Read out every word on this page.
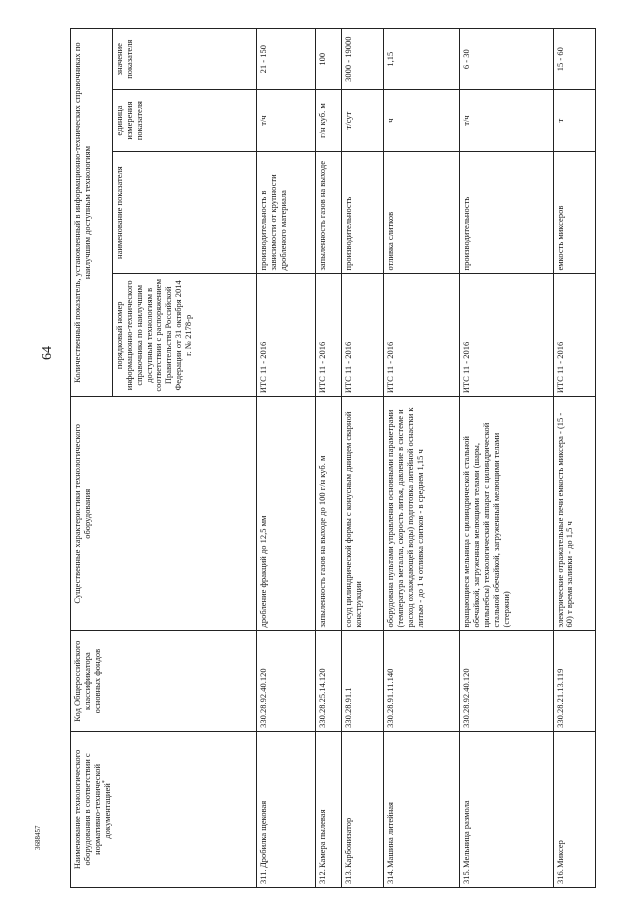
64
3688457	Наименование технологического оборудования в соответствии с нормативно-технической документацией*	Код Общероссийского классификатора основных фондов	Существенные характеристики технологического оборудования	Количественный показатель, установленный в информационно-технических справочниках по наилучшим доступным технологиям			
			порядковый номер информационно-технического справочника по наилучшим доступным технологиям в соответствии с распоряжением Правительства Российской Федерации от 31 октября 2014 г. № 2178-р	наименование показателя	единица измерения показателя	значение показателя
311.Дробилка щековая	330.28.92.40.120	дробление фракций до 12,5 мм	ИТС 11 - 2016	производительность в зависимости от крупности дробленого материала	т/ч	21 - 150
312.Камера пылевая	330.28.25.14.120	запыленность газов на выходе до 100 г/н куб. м	ИТС 11 - 2016	запыленность газов на выходе	г/н куб. м	100
313.Карбонизатор	330.28.91.1	сосуд цилиндрической формы с конусным днищем сварной конструкции	ИТС 11 - 2016	производительность	т/сут	3000 - 19000
314.Машина литейная	330.28.91.11.140	оборудована пультами управления основными параметрами (температура металла, скорость литья, давление в системе и расход охлаждающей воды) подготовка литейной оснастки к литью - до 1 ч отливка слитков - в среднем 1,15 ч	ИТС 11 - 2016	отливка слитков	ч	1,15
315.Мельница размола	330.28.92.40.120	вращающиеся мельница с цилиндрической стальной обечайкой, загруженная мелющими телами (шары, цильпебсы) технологический аппарат с цилиндрической стальной обечайкой, загруженный мелющими телами (стержни)	ИТС 11 - 2016	производительность	т/ч	6 - 30
316.Миксер	330.28.21.13.119	электрические отражательные печи емкость миксера - (15 - 60) т время заливки - до 1,5 ч	ИТС 11 - 2016	емкость миксеров	т	15 - 60
